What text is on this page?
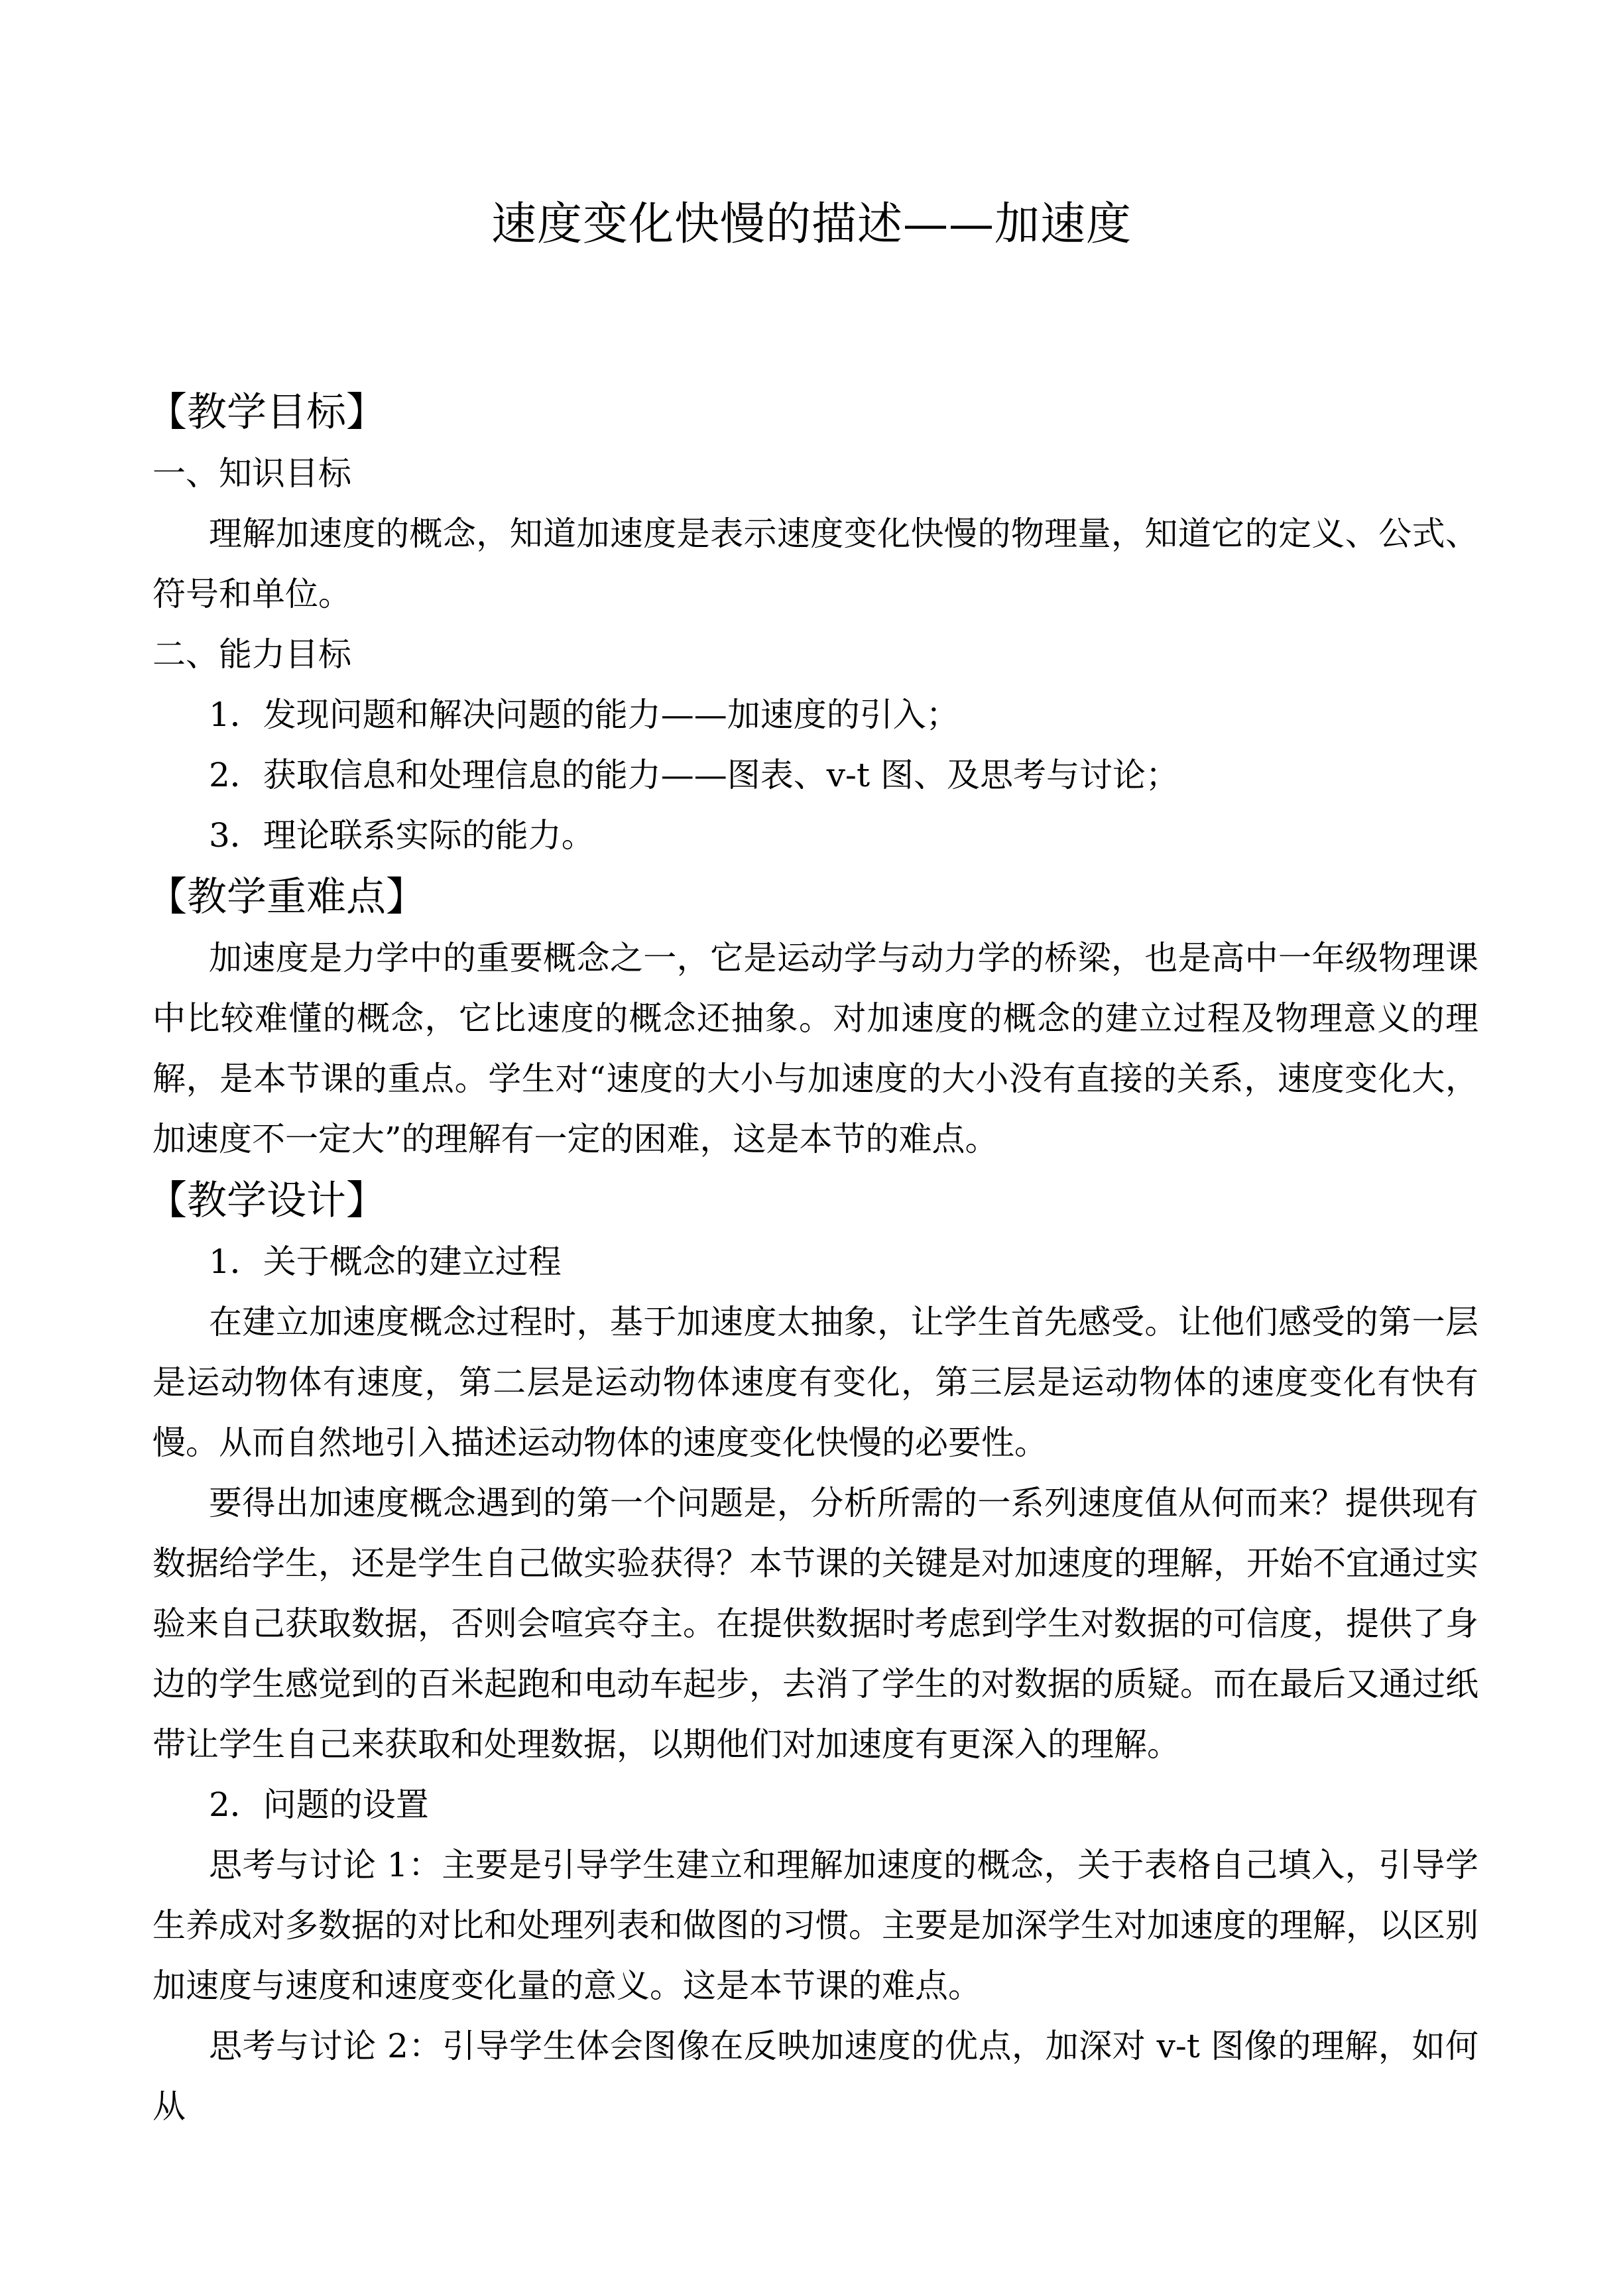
速度变化快慢的描述——加速度
【教学目标】
一、知识目标
理解加速度的概念，知道加速度是表示速度变化快慢的物理量，知道它的定义、公式、符号和单位。
二、能力目标
1．发现问题和解决问题的能力——加速度的引入；
2．获取信息和处理信息的能力——图表、v-t 图、及思考与讨论；
3．理论联系实际的能力。
【教学重难点】
加速度是力学中的重要概念之一，它是运动学与动力学的桥梁，也是高中一年级物理课中比较难懂的概念，它比速度的概念还抽象。对加速度的概念的建立过程及物理意义的理解，是本节课的重点。学生对“速度的大小与加速度的大小没有直接的关系，速度变化大，加速度不一定大”的理解有一定的困难，这是本节的难点。
【教学设计】
1．关于概念的建立过程
在建立加速度概念过程时，基于加速度太抽象，让学生首先感受。让他们感受的第一层是运动物体有速度，第二层是运动物体速度有变化，第三层是运动物体的速度变化有快有慢。从而自然地引入描述运动物体的速度变化快慢的必要性。
要得出加速度概念遇到的第一个问题是，分析所需的一系列速度值从何而来？提供现有数据给学生，还是学生自己做实验获得？本节课的关键是对加速度的理解，开始不宜通过实验来自己获取数据，否则会喧宾夺主。在提供数据时考虑到学生对数据的可信度，提供了身边的学生感觉到的百米起跑和电动车起步，去消了学生的对数据的质疑。而在最后又通过纸带让学生自己来获取和处理数据，以期他们对加速度有更深入的理解。
2．问题的设置
思考与讨论 1：主要是引导学生建立和理解加速度的概念，关于表格自己填入，引导学生养成对多数据的对比和处理列表和做图的习惯。主要是加深学生对加速度的理解，以区别加速度与速度和速度变化量的意义。这是本节课的难点。
思考与讨论 2：引导学生体会图像在反映加速度的优点，加深对 v-t 图像的理解，如何从
